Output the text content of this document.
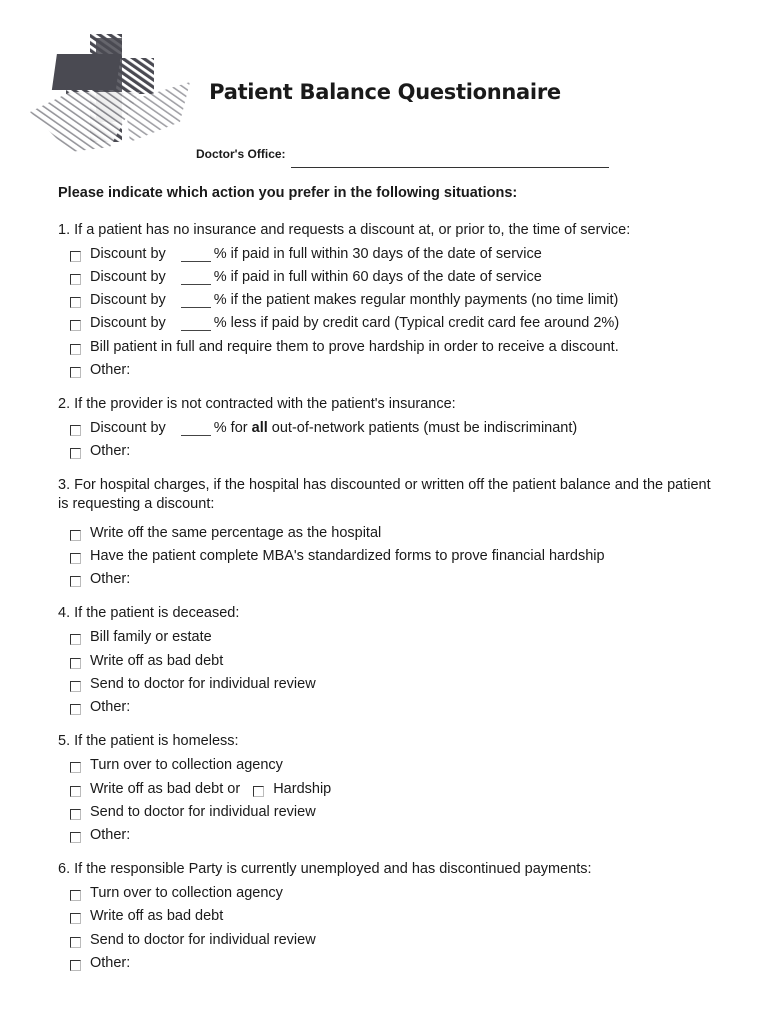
Patient Balance Questionnaire
Doctor's Office:
Please indicate which action you prefer in the following situations:
1. If a patient has no insurance and requests a discount at, or prior to, the time of service:
Discount by	% if paid in full within 30 days of the date of service
Discount by	% if paid in full within 60 days of the date of service
Discount by	% if the patient makes regular monthly payments (no time limit)
Discount by	% less if paid by credit card (Typical credit card fee around 2%)
Bill patient in full and require them to prove hardship in order to receive a discount.
Other:
2. If the provider is not contracted with the patient's insurance:
Discount by	% for all out-of-network patients (must be indiscriminant)
Other:
3. For hospital charges, if the hospital has discounted or written off the patient balance and the patient is requesting a discount:
Write off the same percentage as the hospital
Have the patient complete MBA's standardized forms to prove financial hardship
Other:
4. If the patient is deceased:
Bill family or estate
Write off as bad debt
Send to doctor for individual review
Other:
5. If the patient is homeless:
Turn over to collection agency
Write off as bad debt or Hardship
Send to doctor for individual review
Other:
6. If the responsible Party is currently unemployed and has discontinued payments:
Turn over to collection agency
Write off as bad debt
Send to doctor for individual review
Other:
